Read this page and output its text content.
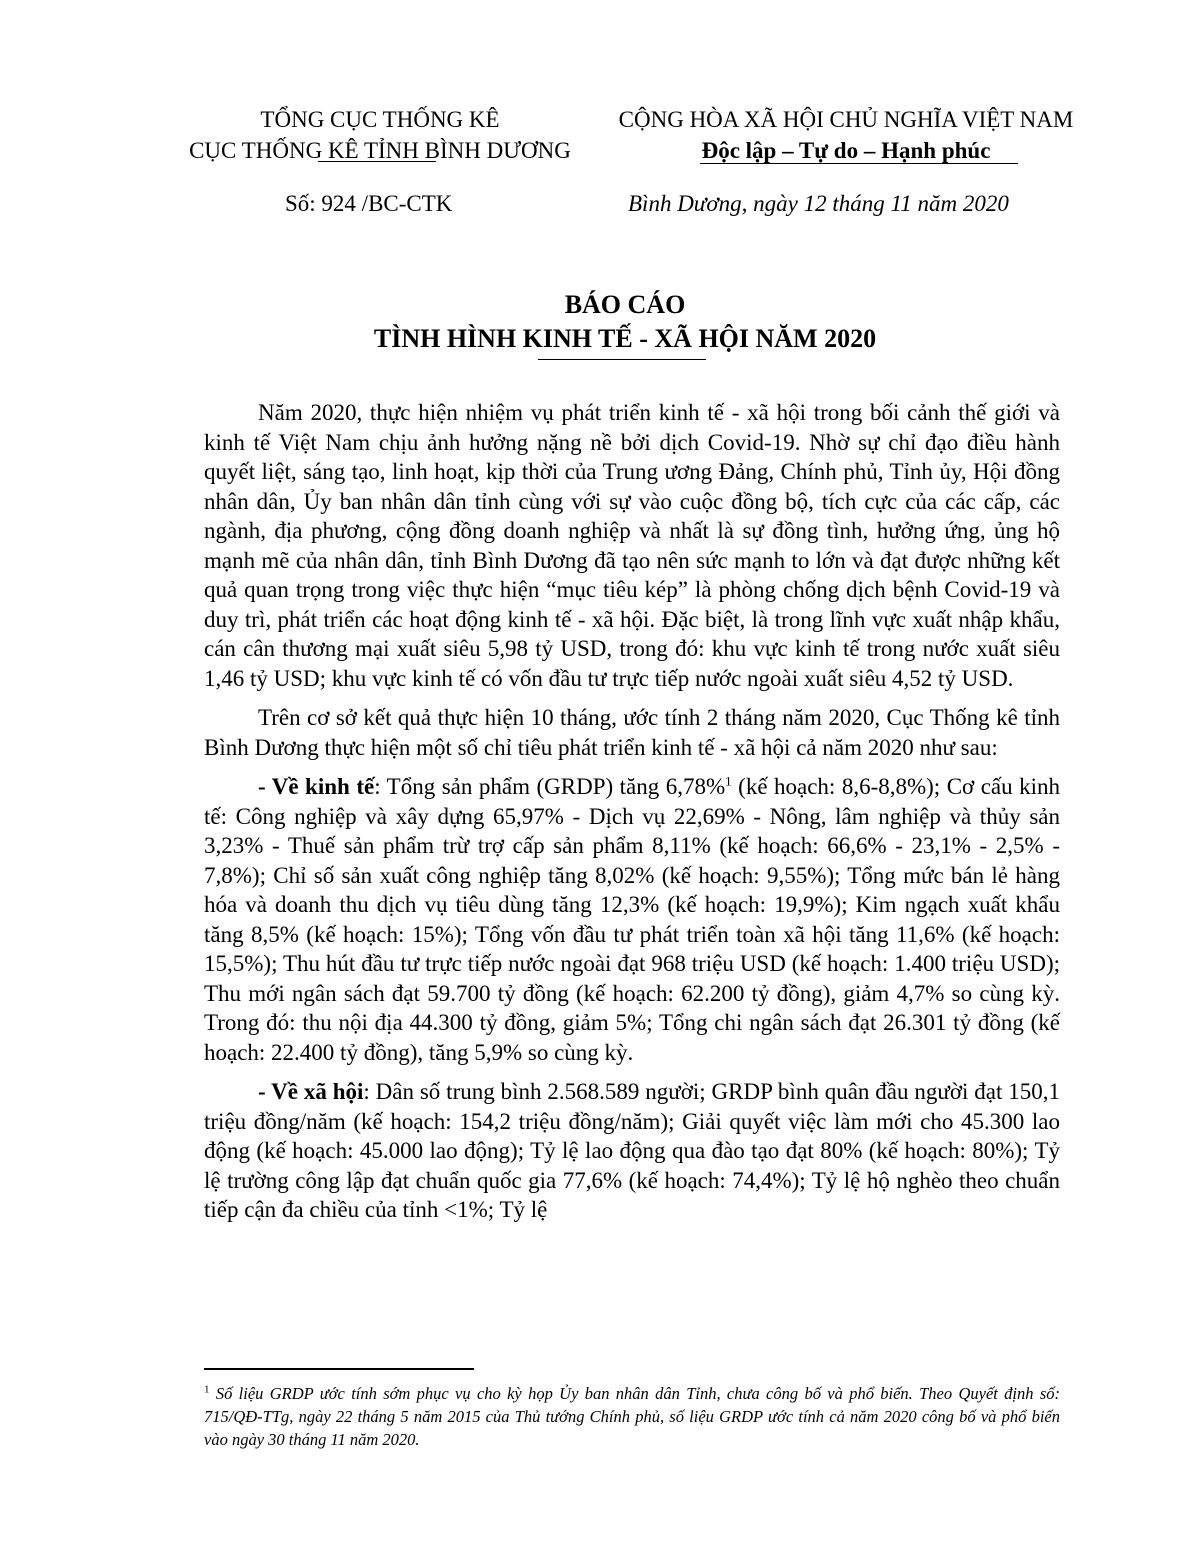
TỔNG CỤC THỐNG KÊ
CỤC THỐNG KÊ TỈNH BÌNH DƯƠNG
CỘNG HÒA XÃ HỘI CHỦ NGHĨA VIỆT NAM
Độc lập – Tự do – Hạnh phúc
Số: 924 /BC-CTK	Bình Dương, ngày 12 tháng 11 năm 2020
BÁO CÁO
TÌNH HÌNH KINH TẾ - XÃ HỘI NĂM 2020

Năm 2020, thực hiện nhiệm vụ phát triển kinh tế - xã hội trong bối cảnh thế giới và kinh tế Việt Nam chịu ảnh hưởng nặng nề bởi dịch Covid-19. Nhờ sự chỉ đạo điều hành quyết liệt, sáng tạo, linh hoạt, kịp thời của Trung ương Đảng, Chính phủ, Tỉnh ủy, Hội đồng nhân dân, Ủy ban nhân dân tỉnh cùng với sự vào cuộc đồng bộ, tích cực của các cấp, các ngành, địa phương, cộng đồng doanh nghiệp và nhất là sự đồng tình, hưởng ứng, ủng hộ mạnh mẽ của nhân dân, tỉnh Bình Dương đã tạo nên sức mạnh to lớn và đạt được những kết quả quan trọng trong việc thực hiện “mục tiêu kép” là phòng chống dịch bệnh Covid-19 và duy trì, phát triển các hoạt động kinh tế - xã hội. Đặc biệt, là trong lĩnh vực xuất nhập khẩu, cán cân thương mại xuất siêu 5,98 tỷ USD, trong đó: khu vực kinh tế trong nước xuất siêu 1,46 tỷ USD; khu vực kinh tế có vốn đầu tư trực tiếp nước ngoài xuất siêu 4,52 tỷ USD.

Trên cơ sở kết quả thực hiện 10 tháng, ước tính 2 tháng năm 2020, Cục Thống kê tỉnh Bình Dương thực hiện một số chỉ tiêu phát triển kinh tế - xã hội cả năm 2020 như sau:

- Về kinh tế: Tổng sản phẩm (GRDP) tăng 6,78%$^1$ (kế hoạch: 8,6-8,8%); Cơ cấu kinh tế: Công nghiệp và xây dựng 65,97% - Dịch vụ 22,69% - Nông, lâm nghiệp và thủy sản 3,23% - Thuế sản phẩm trừ trợ cấp sản phẩm 8,11% (kế hoạch: 66,6% - 23,1% - 2,5% - 7,8%); Chỉ số sản xuất công nghiệp tăng 8,02% (kế hoạch: 9,55%); Tổng mức bán lẻ hàng hóa và doanh thu dịch vụ tiêu dùng tăng 12,3% (kế hoạch: 19,9%); Kim ngạch xuất khẩu tăng 8,5% (kế hoạch: 15%); Tổng vốn đầu tư phát triển toàn xã hội tăng 11,6% (kế hoạch: 15,5%); Thu hút đầu tư trực tiếp nước ngoài đạt 968 triệu USD (kế hoạch: 1.400 triệu USD); Thu mới ngân sách đạt 59.700 tỷ đồng (kế hoạch: 62.200 tỷ đồng), giảm 4,7% so cùng kỳ. Trong đó: thu nội địa 44.300 tỷ đồng, giảm 5%; Tổng chi ngân sách đạt 26.301 tỷ đồng (kế hoạch: 22.400 tỷ đồng), tăng 5,9% so cùng kỳ.

- Về xã hội: Dân số trung bình 2.568.589 người; GRDP bình quân đầu người đạt 150,1 triệu đồng/năm (kế hoạch: 154,2 triệu đồng/năm); Giải quyết việc làm mới cho 45.300 lao động (kế hoạch: 45.000 lao động); Tỷ lệ lao động qua đào tạo đạt 80% (kế hoạch: 80%); Tỷ lệ trường công lập đạt chuẩn quốc gia 77,6% (kế hoạch: 74,4%); Tỷ lệ hộ nghèo theo chuẩn tiếp cận đa chiều của tỉnh <1%; Tỷ lệ

$^1$ Số liệu GRDP ước tính sớm phục vụ cho kỳ họp Ủy ban nhân dân Tỉnh, chưa công bố và phổ biến. Theo Quyết định số: 715/QĐ-TTg, ngày 22 tháng 5 năm 2015 của Thủ tướng Chính phủ, số liệu GRDP ước tính cả năm 2020 công bố và phổ biến vào ngày 30 tháng 11 năm 2020.
